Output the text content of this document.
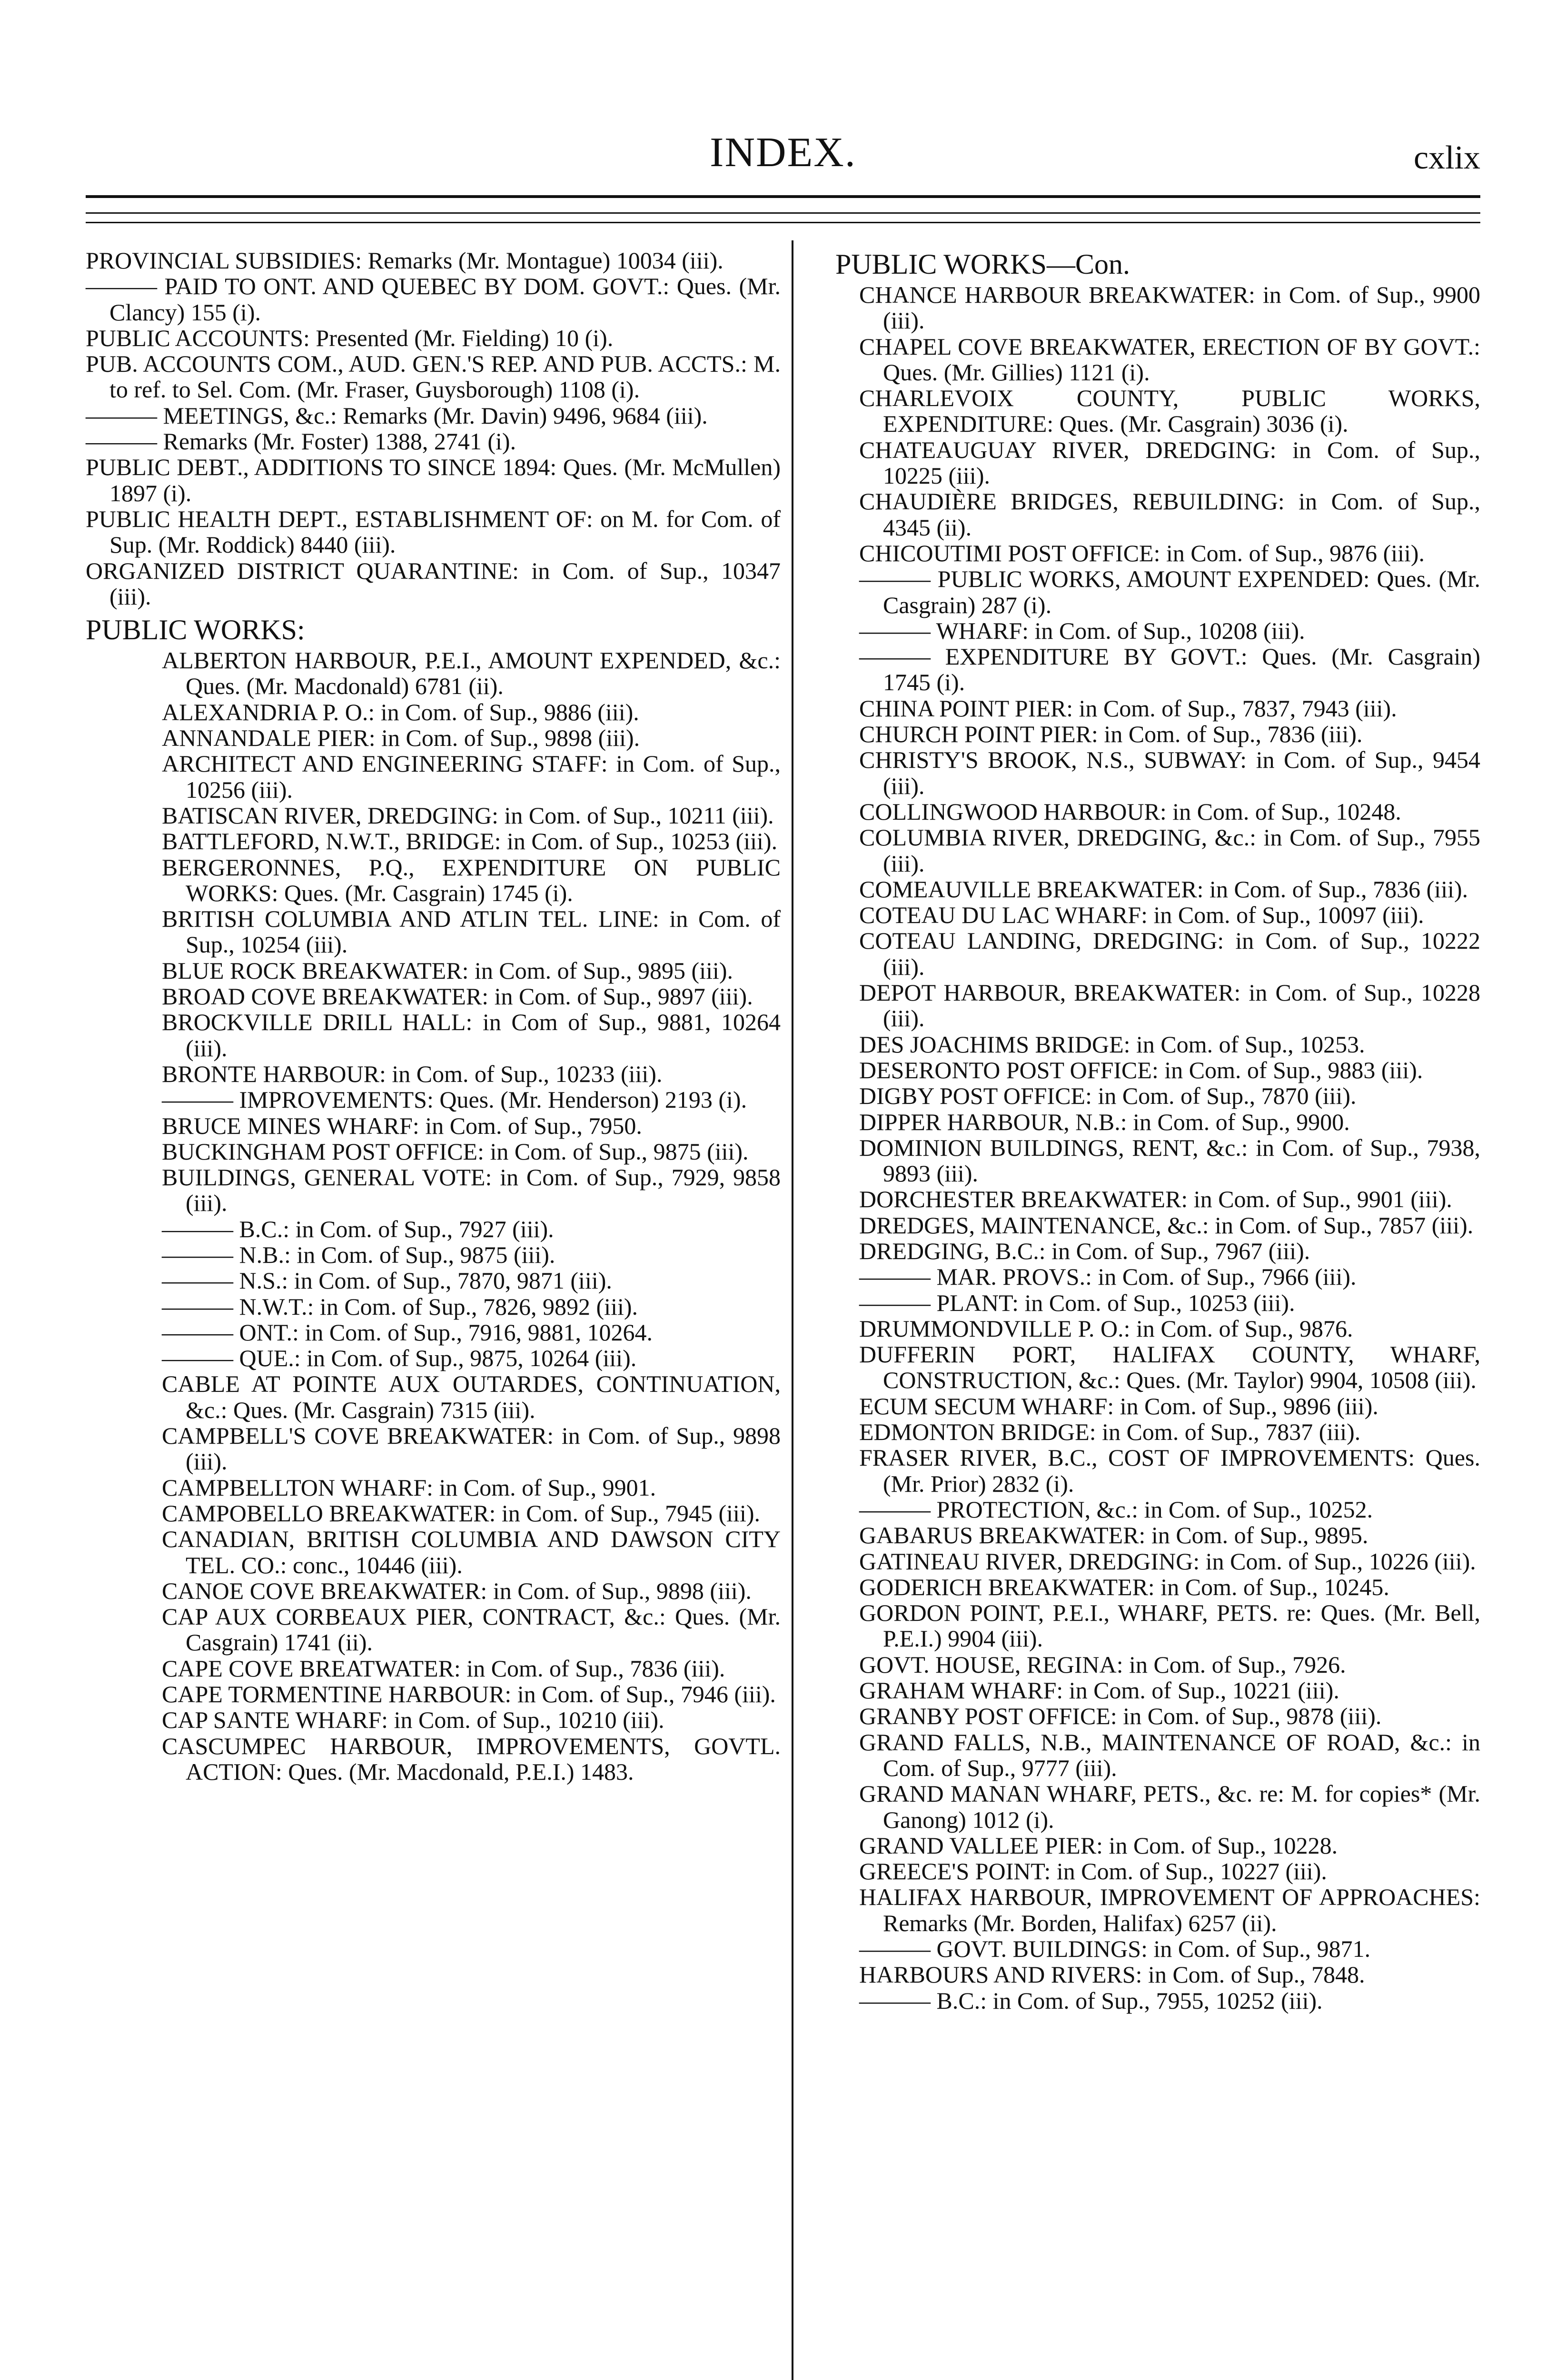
INDEX.	cxlix
PROVINCIAL SUBSIDIES: Remarks (Mr. Montague) 10034 (iii).
——— PAID TO ONT. AND QUEBEC BY DOM. GOVT.: Ques. (Mr. Clancy) 155 (i).
PUBLIC ACCOUNTS: Presented (Mr. Fielding) 10 (i).
PUB. ACCOUNTS COM., AUD. GEN.'S REP. AND PUB. ACCTS.: M. to ref. to Sel. Com. (Mr. Fraser, Guysborough) 1108 (i).
——— MEETINGS, &c.: Remarks (Mr. Davin) 9496, 9684 (iii).
——— Remarks (Mr. Foster) 1388, 2741 (i).
PUBLIC DEBT., ADDITIONS TO SINCE 1894: Ques. (Mr. McMullen) 1897 (i).
PUBLIC HEALTH DEPT., ESTABLISHMENT OF: on M. for Com. of Sup. (Mr. Roddick) 8440 (iii).
ORGANIZED DISTRICT QUARANTINE: in Com. of Sup., 10347 (iii).
PUBLIC WORKS:
ALBERTON HARBOUR, P.E.I., AMOUNT EXPENDED, &c.: Ques. (Mr. Macdonald) 6781 (ii).
ALEXANDRIA P. O.: in Com. of Sup., 9886 (iii).
ANNANDALE PIER: in Com. of Sup., 9898 (iii).
ARCHITECT AND ENGINEERING STAFF: in Com. of Sup., 10256 (iii).
BATISCAN RIVER, DREDGING: in Com. of Sup., 10211 (iii).
BATTLEFORD, N.W.T., BRIDGE: in Com. of Sup., 10253 (iii).
BERGERONNES, P.Q., EXPENDITURE ON PUBLIC WORKS: Ques. (Mr. Casgrain) 1745 (i).
BRITISH COLUMBIA AND ATLIN TEL. LINE: in Com. of Sup., 10254 (iii).
BLUE ROCK BREAKWATER: in Com. of Sup., 9895 (iii).
BROAD COVE BREAKWATER: in Com. of Sup., 9897 (iii).
BROCKVILLE DRILL HALL: in Com of Sup., 9881, 10264 (iii).
BRONTE HARBOUR: in Com. of Sup., 10233 (iii).
——— IMPROVEMENTS: Ques. (Mr. Henderson) 2193 (i).
BRUCE MINES WHARF: in Com. of Sup., 7950.
BUCKINGHAM POST OFFICE: in Com. of Sup., 9875 (iii).
BUILDINGS, GENERAL VOTE: in Com. of Sup., 7929, 9858 (iii).
——— B.C.: in Com. of Sup., 7927 (iii).
——— N.B.: in Com. of Sup., 9875 (iii).
——— N.S.: in Com. of Sup., 7870, 9871 (iii).
——— N.W.T.: in Com. of Sup., 7826, 9892 (iii).
——— ONT.: in Com. of Sup., 7916, 9881, 10264.
——— QUE.: in Com. of Sup., 9875, 10264 (iii).
CABLE AT POINTE AUX OUTARDES, CONTINUATION, &c.: Ques. (Mr. Casgrain) 7315 (iii).
CAMPBELL'S COVE BREAKWATER: in Com. of Sup., 9898 (iii).
CAMPBELLTON WHARF: in Com. of Sup., 9901.
CAMPOBELLO BREAKWATER: in Com. of Sup., 7945 (iii).
CANADIAN, BRITISH COLUMBIA AND DAWSON CITY TEL. CO.: conc., 10446 (iii).
CANOE COVE BREAKWATER: in Com. of Sup., 9898 (iii).
CAP AUX CORBEAUX PIER, CONTRACT, &c.: Ques. (Mr. Casgrain) 1741 (ii).
CAPE COVE BREATWATER: in Com. of Sup., 7836 (iii).
CAPE TORMENTINE HARBOUR: in Com. of Sup., 7946 (iii).
CAP SANTE WHARF: in Com. of Sup., 10210 (iii).
CASCUMPEC HARBOUR, IMPROVEMENTS, GOVTL. ACTION: Ques. (Mr. Macdonald, P.E.I.) 1483.
PUBLIC WORKS—Con.
CHANCE HARBOUR BREAKWATER: in Com. of Sup., 9900 (iii).
CHAPEL COVE BREAKWATER, ERECTION OF BY GOVT.: Ques. (Mr. Gillies) 1121 (i).
CHARLEVOIX COUNTY, PUBLIC WORKS, EXPENDITURE: Ques. (Mr. Casgrain) 3036 (i).
CHATEAUGUAY RIVER, DREDGING: in Com. of Sup., 10225 (iii).
CHAUDIÈRE BRIDGES, REBUILDING: in Com. of Sup., 4345 (ii).
CHICOUTIMI POST OFFICE: in Com. of Sup., 9876 (iii).
——— PUBLIC WORKS, AMOUNT EXPENDED: Ques. (Mr. Casgrain) 287 (i).
——— WHARF: in Com. of Sup., 10208 (iii).
——— EXPENDITURE BY GOVT.: Ques. (Mr. Casgrain) 1745 (i).
CHINA POINT PIER: in Com. of Sup., 7837, 7943 (iii).
CHURCH POINT PIER: in Com. of Sup., 7836 (iii).
CHRISTY'S BROOK, N.S., SUBWAY: in Com. of Sup., 9454 (iii).
COLLINGWOOD HARBOUR: in Com. of Sup., 10248.
COLUMBIA RIVER, DREDGING, &c.: in Com. of Sup., 7955 (iii).
COMEAUVILLE BREAKWATER: in Com. of Sup., 7836 (iii).
COTEAU DU LAC WHARF: in Com. of Sup., 10097 (iii).
COTEAU LANDING, DREDGING: in Com. of Sup., 10222 (iii).
DEPOT HARBOUR, BREAKWATER: in Com. of Sup., 10228 (iii).
DES JOACHIMS BRIDGE: in Com. of Sup., 10253.
DESERONTO POST OFFICE: in Com. of Sup., 9883 (iii).
DIGBY POST OFFICE: in Com. of Sup., 7870 (iii).
DIPPER HARBOUR, N.B.: in Com. of Sup., 9900.
DOMINION BUILDINGS, RENT, &c.: in Com. of Sup., 7938, 9893 (iii).
DORCHESTER BREAKWATER: in Com. of Sup., 9901 (iii).
DREDGES, MAINTENANCE, &c.: in Com. of Sup., 7857 (iii).
DREDGING, B.C.: in Com. of Sup., 7967 (iii).
——— MAR. PROVS.: in Com. of Sup., 7966 (iii).
——— PLANT: in Com. of Sup., 10253 (iii).
DRUMMONDVILLE P. O.: in Com. of Sup., 9876.
DUFFERIN PORT, HALIFAX COUNTY, WHARF, CONSTRUCTION, &c.: Ques. (Mr. Taylor) 9904, 10508 (iii).
ECUM SECUM WHARF: in Com. of Sup., 9896 (iii).
EDMONTON BRIDGE: in Com. of Sup., 7837 (iii).
FRASER RIVER, B.C., COST OF IMPROVEMENTS: Ques. (Mr. Prior) 2832 (i).
——— PROTECTION, &c.: in Com. of Sup., 10252.
GABARUS BREAKWATER: in Com. of Sup., 9895.
GATINEAU RIVER, DREDGING: in Com. of Sup., 10226 (iii).
GODERICH BREAKWATER: in Com. of Sup., 10245.
GORDON POINT, P.E.I., WHARF, PETS. re: Ques. (Mr. Bell, P.E.I.) 9904 (iii).
GOVT. HOUSE, REGINA: in Com. of Sup., 7926.
GRAHAM WHARF: in Com. of Sup., 10221 (iii).
GRANBY POST OFFICE: in Com. of Sup., 9878 (iii).
GRAND FALLS, N.B., MAINTENANCE OF ROAD, &c.: in Com. of Sup., 9777 (iii).
GRAND MANAN WHARF, PETS., &c. re: M. for copies* (Mr. Ganong) 1012 (i).
GRAND VALLEE PIER: in Com. of Sup., 10228.
GREECE'S POINT: in Com. of Sup., 10227 (iii).
HALIFAX HARBOUR, IMPROVEMENT OF APPROACHES: Remarks (Mr. Borden, Halifax) 6257 (ii).
——— GOVT. BUILDINGS: in Com. of Sup., 9871.
HARBOURS AND RIVERS: in Com. of Sup., 7848.
——— B.C.: in Com. of Sup., 7955, 10252 (iii).
